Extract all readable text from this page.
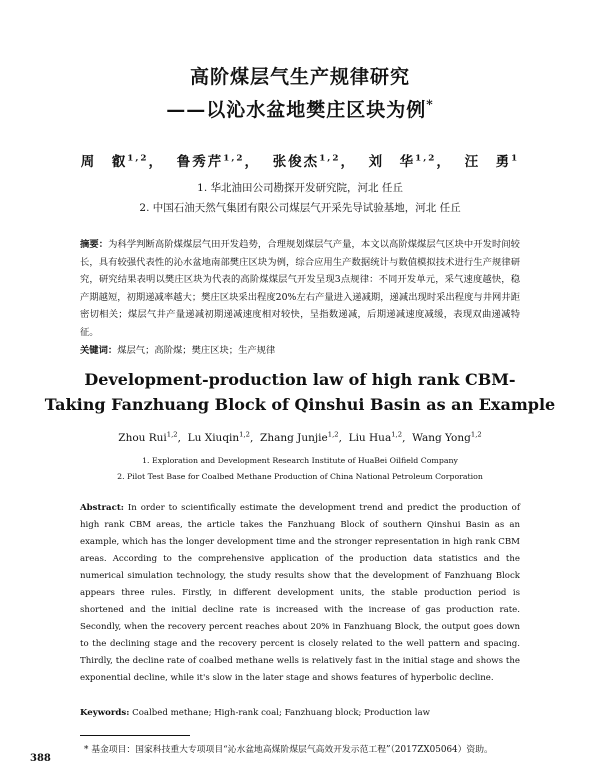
高阶煤层气生产规律研究
——以沁水盆地樊庄区块为例*
周　叡$^{1,2}$， 鲁秀芹$^{1,2}$， 张俊杰$^{1,2}$， 刘　华$^{1,2}$， 汪　勇$^1$
1. 华北油田公司勘探开发研究院，河北 任丘
2. 中国石油天然气集团有限公司煤层气开采先导试验基地，河北 任丘
摘要：为科学判断高阶煤煤层气田开发趋势，合理规划煤层气产量，本文以高阶煤煤层气区块中开发时间较长，具有较强代表性的沁水盆地南部樊庄区块为例，综合应用生产数据统计与数值模拟技术进行生产规律研究，研究结果表明以樊庄区块为代表的高阶煤煤层气开发呈现3点规律：不同开发单元，采气速度越快，稳产期越短，初期递减率越大；樊庄区块采出程度20%左右产量进入递减期，递减出现时采出程度与井网井距密切相关；煤层气井产量递减初期递减速度相对较快，呈指数递减，后期递减速度减缓，表现双曲递减特征。
关键词：煤层气；高阶煤；樊庄区块；生产规律
Development-production law of high rank CBM-
Taking Fanzhuang Block of Qinshui Basin as an Example
Zhou Rui$^{1,2}$,  Lu Xiuqin$^{1,2}$,  Zhang Junjie$^{1,2}$,  Liu Hua$^{1,2}$,  Wang Yong$^{1,2}$
1. Exploration and Development Research Institute of HuaBei Oilfield Company
2. Pilot Test Base for Coalbed Methane Production of China National Petroleum Corporation
Abstract: In order to scientifically estimate the development trend and predict the production of high rank CBM areas, the article takes the Fanzhuang Block of southern Qinshui Basin as an example, which has the longer development time and the stronger representation in high rank CBM areas. According to the comprehensive application of the production data statistics and the numerical simulation technology, the study results show that the development of Fanzhuang Block appears three rules. Firstly, in different development units, the stable production period is shortened and the initial decline rate is increased with the increase of gas production rate. Secondly, when the recovery percent reaches about 20% in Fanzhuang Block, the output goes down to the declining stage and the recovery percent is closely related to the well pattern and spacing. Thirdly, the decline rate of coalbed methane wells is relatively fast in the initial stage and shows the exponential decline, while it's slow in the later stage and shows features of hyperbolic decline.
Keywords: Coalbed methane; High-rank coal; Fanzhuang block; Production law
* 基金项目：国家科技重大专项项目“沁水盆地高煤阶煤层气高效开发示范工程”（2017ZX05064）资助。
388
